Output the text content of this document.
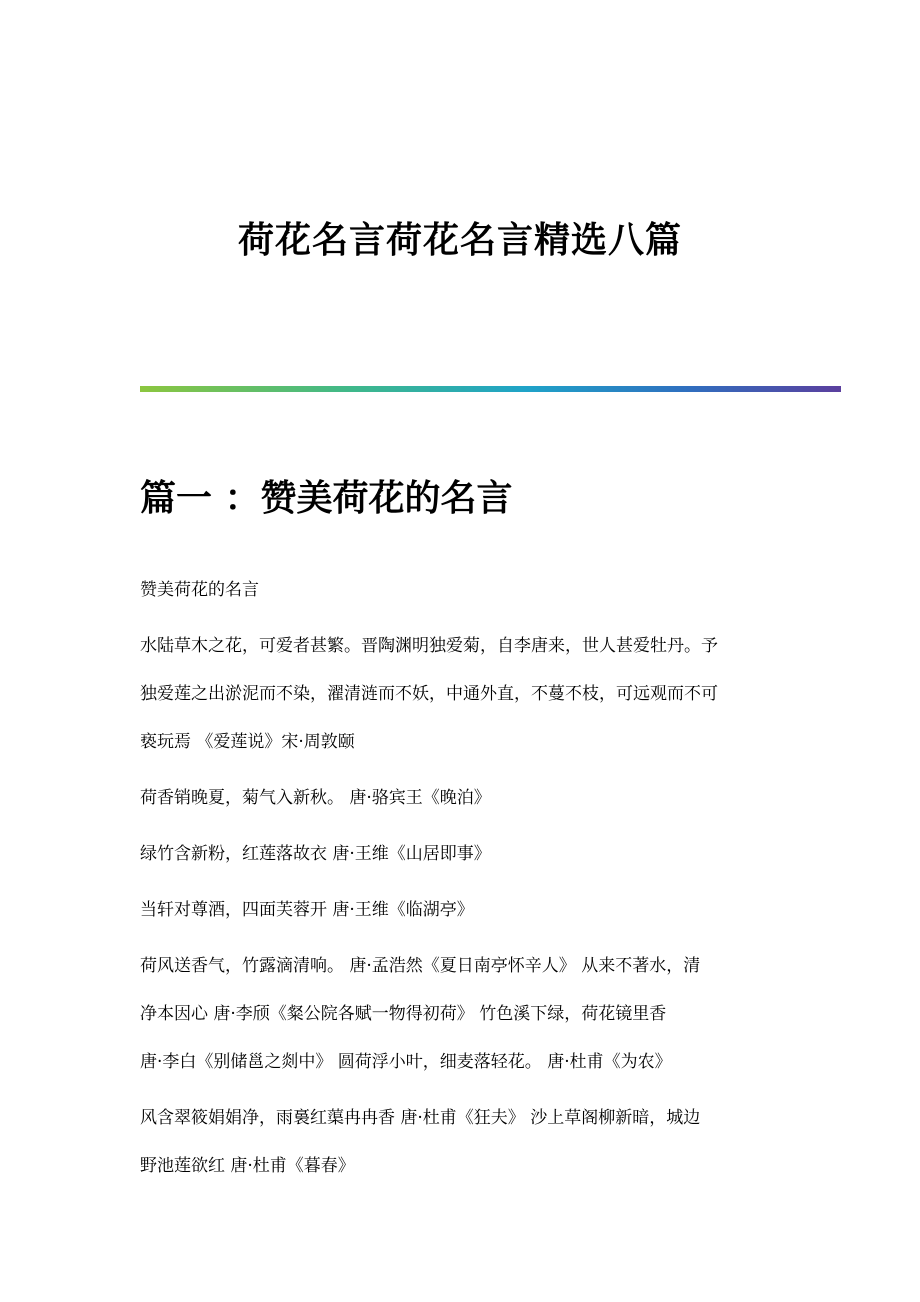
荷花名言荷花名言精选八篇
篇一 ：赞美荷花的名言

赞美荷花的名言

水陆草木之花，可爱者甚繁。晋陶渊明独爱菊，自李唐来，世人甚爱牡丹。予
独爱莲之出淤泥而不染，濯清涟而不妖，中通外直，不蔓不枝，可远观而不可
亵玩焉 《爱莲说》宋·周敦颐

荷香销晚夏，菊气入新秋。 唐·骆宾王《晚泊》

绿竹含新粉，红莲落故衣 唐·王维《山居即事》

当轩对尊酒，四面芙蓉开 唐·王维《临湖亭》

荷风送香气，竹露滴清响。 唐·孟浩然《夏日南亭怀辛人》 从来不著水，清
净本因心 唐·李颀《粲公院各赋一物得初荷》 竹色溪下绿，荷花镜里香
唐·李白《别储邕之剡中》 圆荷浮小叶，细麦落轻花。 唐·杜甫《为农》

风含翠筱娟娟净，雨裛红蕖冉冉香 唐·杜甫《狂夫》 沙上草阁柳新暗，城边
野池莲欲红 唐·杜甫《暮春》
